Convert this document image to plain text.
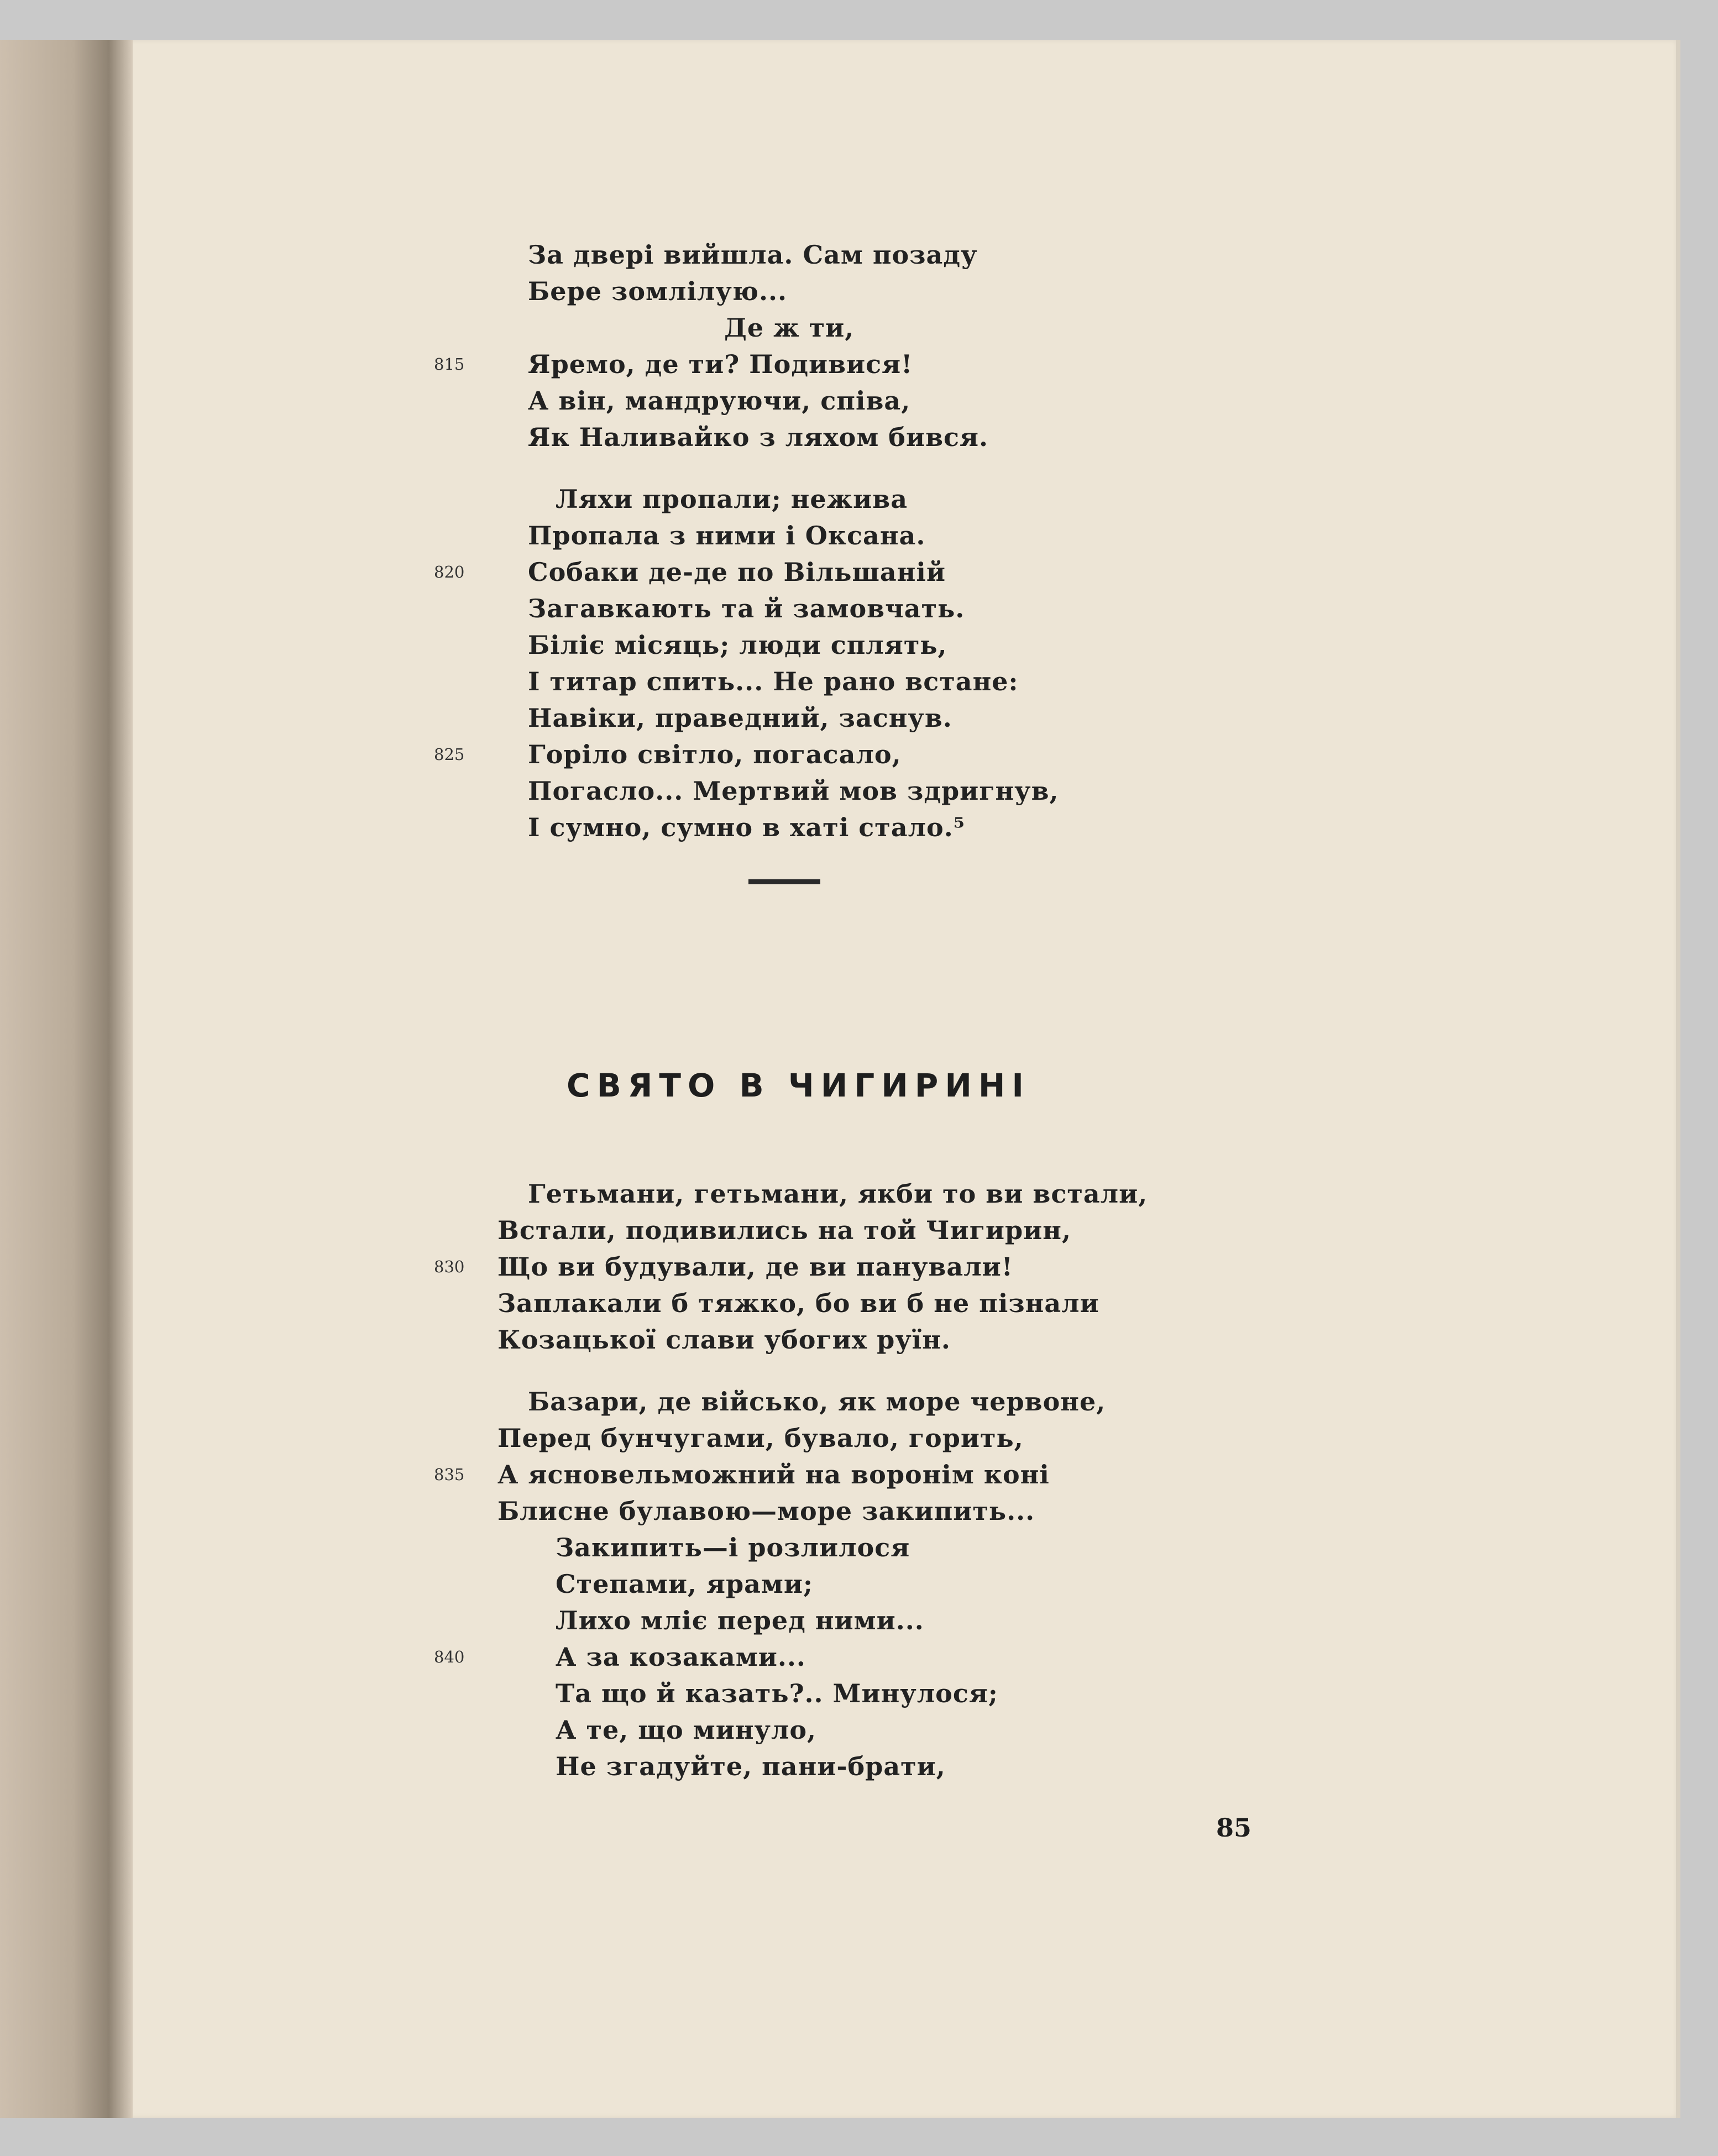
За двері вийшла. Сам позаду
Бере зомлілую...
Де ж ти,
815 Яремо, де ти? Подивися!
А він, мандруючи, співа,
Як Наливайко з ляхом бився.
Ляхи пропали; нежива
Пропала з ними і Оксана.
820 Собаки де-де по Вільшаній
Загавкають та й замовчать.
Біліє місяць; люди сплять,
І титар спить... Не рано встане:
Навіки, праведний, заснув.
825 Горіло світло, погасало,
Погасло... Мертвий мов здригнув,
І сумно, сумно в хаті стало.⁵
СВЯТО В ЧИГИРИНІ
Гетьмани, гетьмани, якби то ви встали,
Встали, подивились на той Чигирин,
830 Що ви будували, де ви панували!
Заплакали б тяжко, бо ви б не пізнали
Козацької слави убогих руїн.
Базари, де військо, як море червоне,
Перед бунчугами, бувало, горить,
835 А ясновельможний на воронім коні
Блисне булавою—море закипить...
Закипить—і розлилося
Степами, ярами;
Лихо мліє перед ними...
840	А за козаками...
Та що й казать?.. Минулося;
А те, що минуло,
Не згадуйте, пани-брати,
85
